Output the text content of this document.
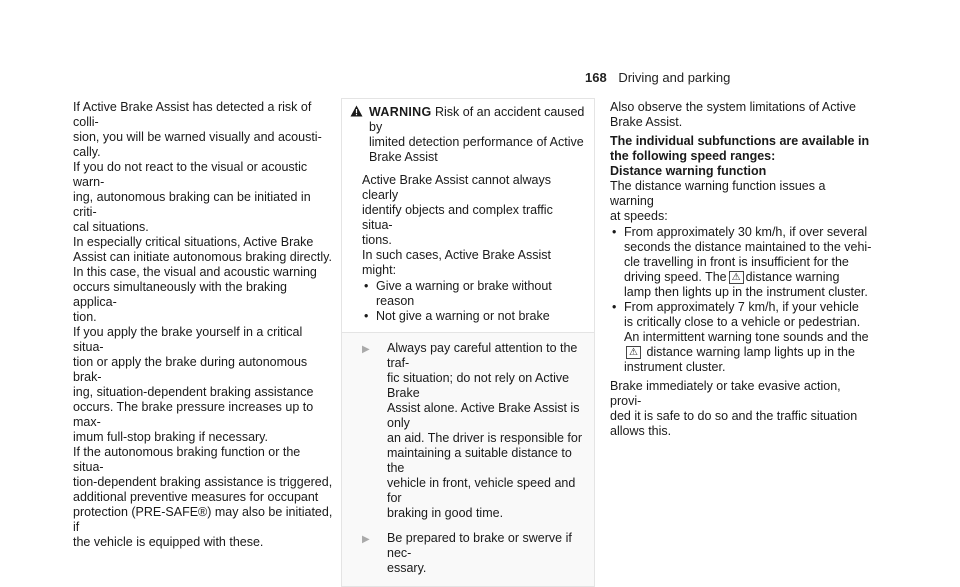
168 Driving and parking

If Active Brake Assist has detected a risk of colli-
sion, you will be warned visually and acousti-
cally.

If you do not react to the visual or acoustic warn-
ing, autonomous braking can be initiated in criti-
cal situations.

In especially critical situations, Active Brake
Assist can initiate autonomous braking directly.
In this case, the visual and acoustic warning
occurs simultaneously with the braking applica-
tion.

If you apply the brake yourself in a critical situa-
tion or apply the brake during autonomous brak-
ing, situation-dependent braking assistance
occurs. The brake pressure increases up to max-
imum full-stop braking if necessary.

If the autonomous braking function or the situa-
tion-dependent braking assistance is triggered,
additional preventive measures for occupant
protection (PRE-SAFE®) may also be initiated, if
the vehicle is equipped with these.

WARNING Risk of an accident caused by
limited detection performance of Active
Brake Assist

Active Brake Assist cannot always clearly
identify objects and complex traffic situa-
tions.

In such cases, Active Brake Assist might:

• Give a warning or brake without reason
• Not give a warning or not brake
▶	Always pay careful attention to the traf-
fic situation; do not rely on Active Brake
Assist alone. Active Brake Assist is only
an aid. The driver is responsible for
maintaining a suitable distance to the
vehicle in front, vehicle speed and for
braking in good time.
▶	Be prepared to brake or swerve if nec-
essary.

Also observe the system limitations of Active
Brake Assist.

The individual subfunctions are available in
the following speed ranges:

Distance warning function

The distance warning function issues a warning
at speeds:

• From approximately 30 km/h, if over several
seconds the distance maintained to the vehi-
cle travelling in front is insufficient for the
driving speed. The ⚠ distance warning
lamp then lights up in the instrument cluster.
• From approximately 7 km/h, if your vehicle
is critically close to a vehicle or pedestrian.
An intermittent warning tone sounds and the
⚠ distance warning lamp lights up in the
instrument cluster.

Brake immediately or take evasive action, provi-
ded it is safe to do so and the traffic situation
allows this.
